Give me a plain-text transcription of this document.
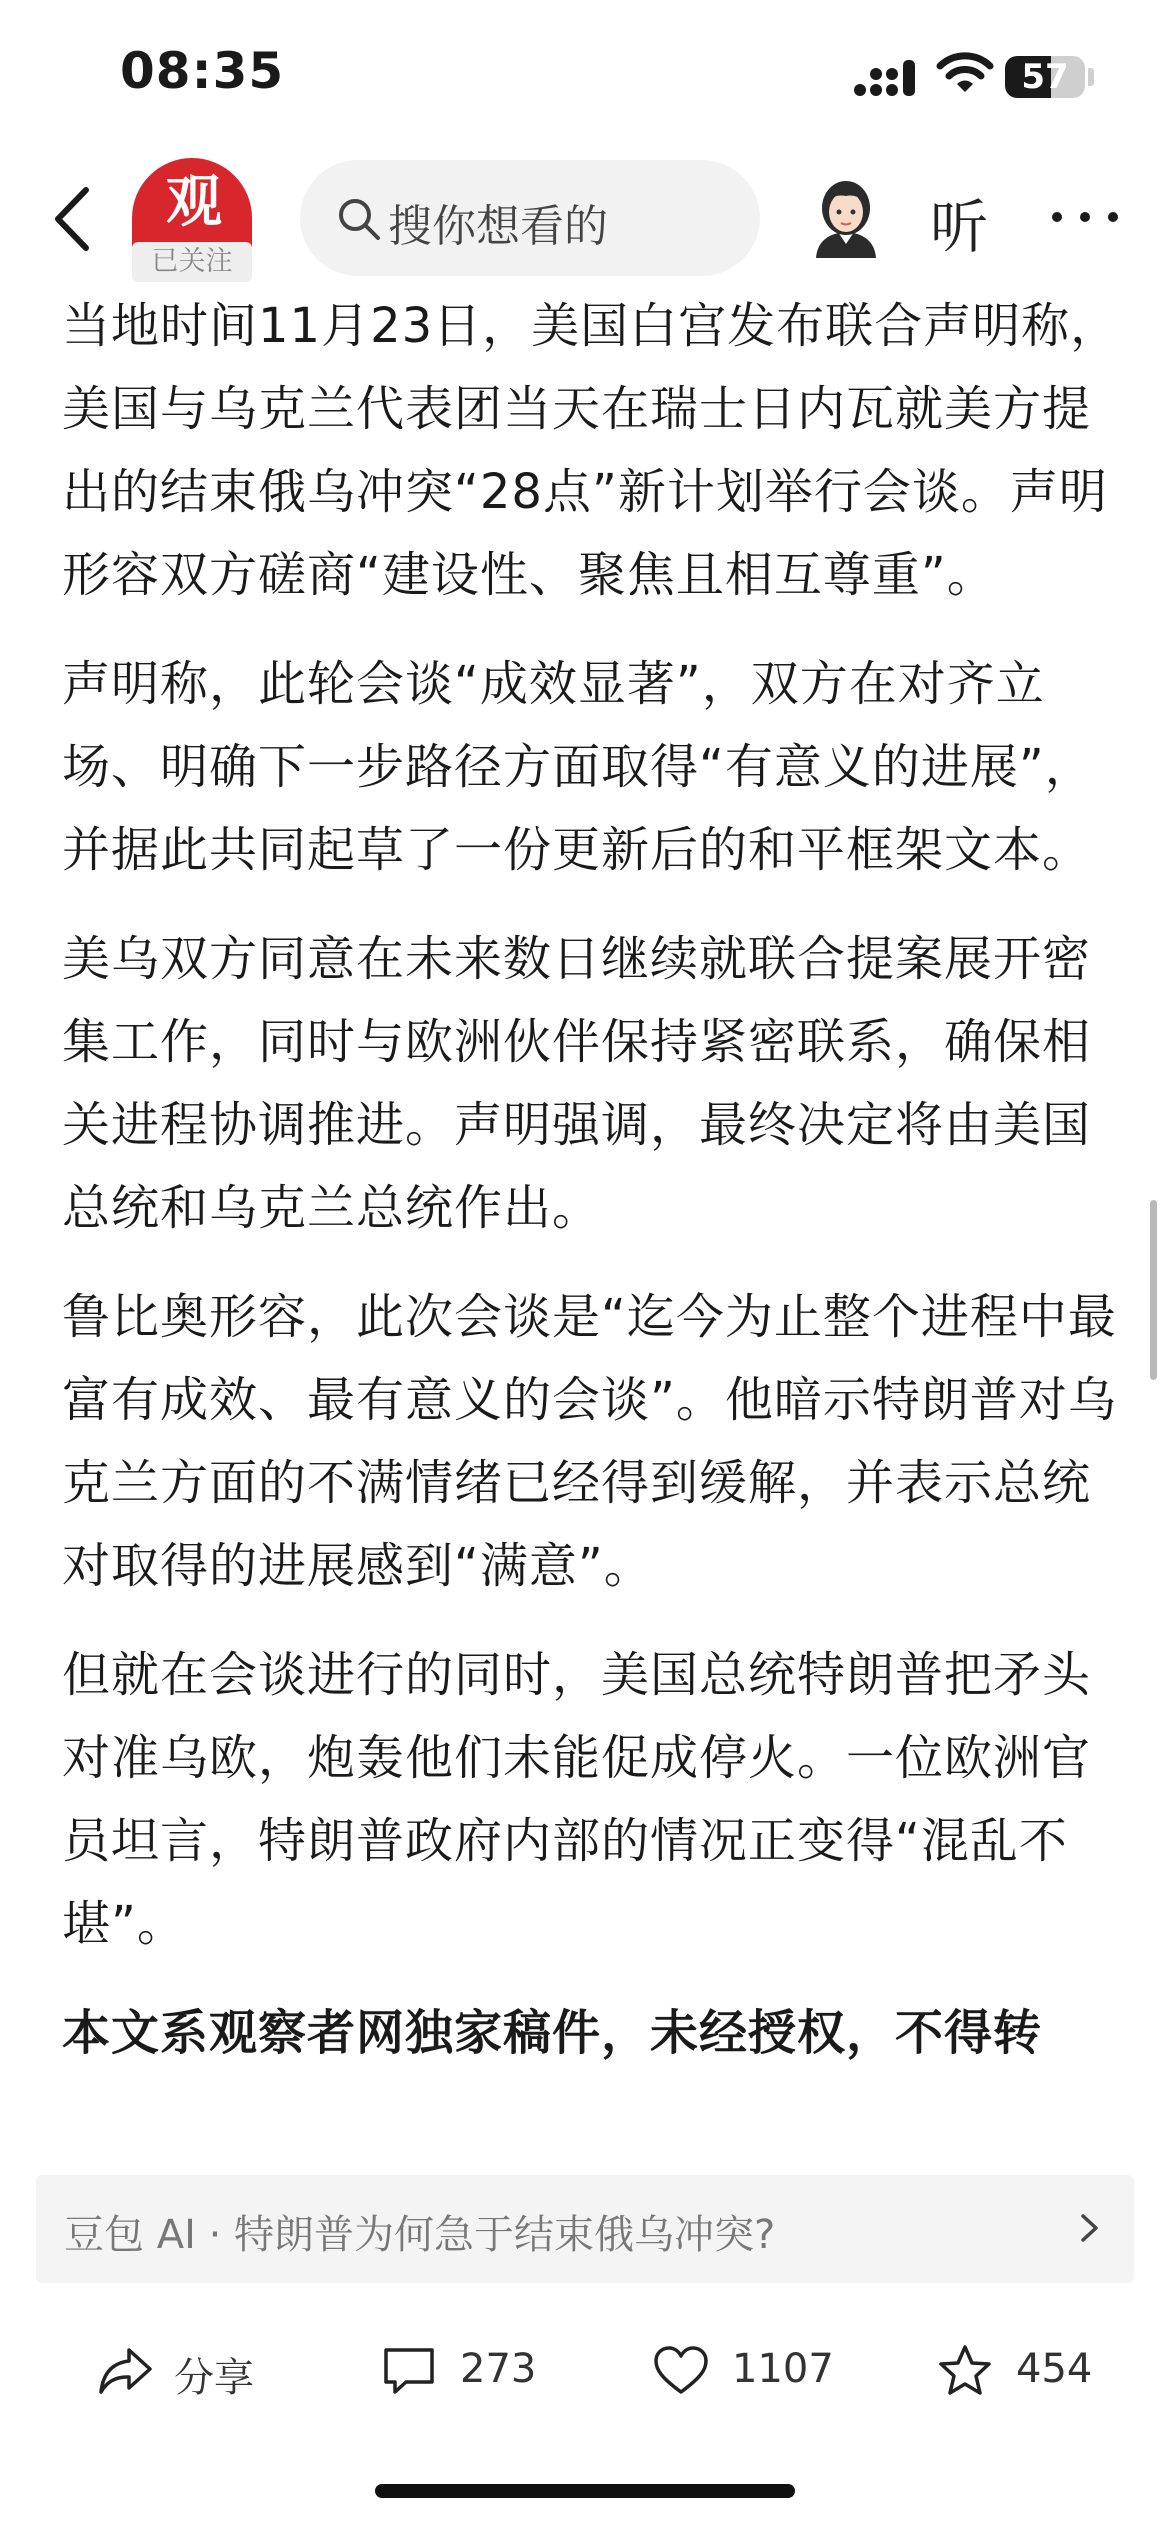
08:35	57
观
已关注
搜你想看的	听

当地时间11月23日，美国白宫发布联合声明称，美国与乌克兰代表团当天在瑞士日内瓦就美方提出的结束俄乌冲突“28点”新计划举行会谈。声明形容双方磋商“建设性、聚焦且相互尊重”。

声明称，此轮会谈“成效显著”，双方在对齐立场、明确下一步路径方面取得“有意义的进展”，并据此共同起草了一份更新后的和平框架文本。

美乌双方同意在未来数日继续就联合提案展开密集工作，同时与欧洲伙伴保持紧密联系，确保相关进程协调推进。声明强调，最终决定将由美国总统和乌克兰总统作出。

鲁比奥形容，此次会谈是“迄今为止整个进程中最富有成效、最有意义的会谈”。他暗示特朗普对乌克兰方面的不满情绪已经得到缓解，并表示总统对取得的进展感到“满意”。

但就在会谈进行的同时，美国总统特朗普把矛头对准乌欧，炮轰他们未能促成停火。一位欧洲官员坦言，特朗普政府内部的情况正变得“混乱不堪”。

本文系观察者网独家稿件，未经授权，不得转

豆包 AI · 特朗普为何急于结束俄乌冲突?
分享	273	1107	454
